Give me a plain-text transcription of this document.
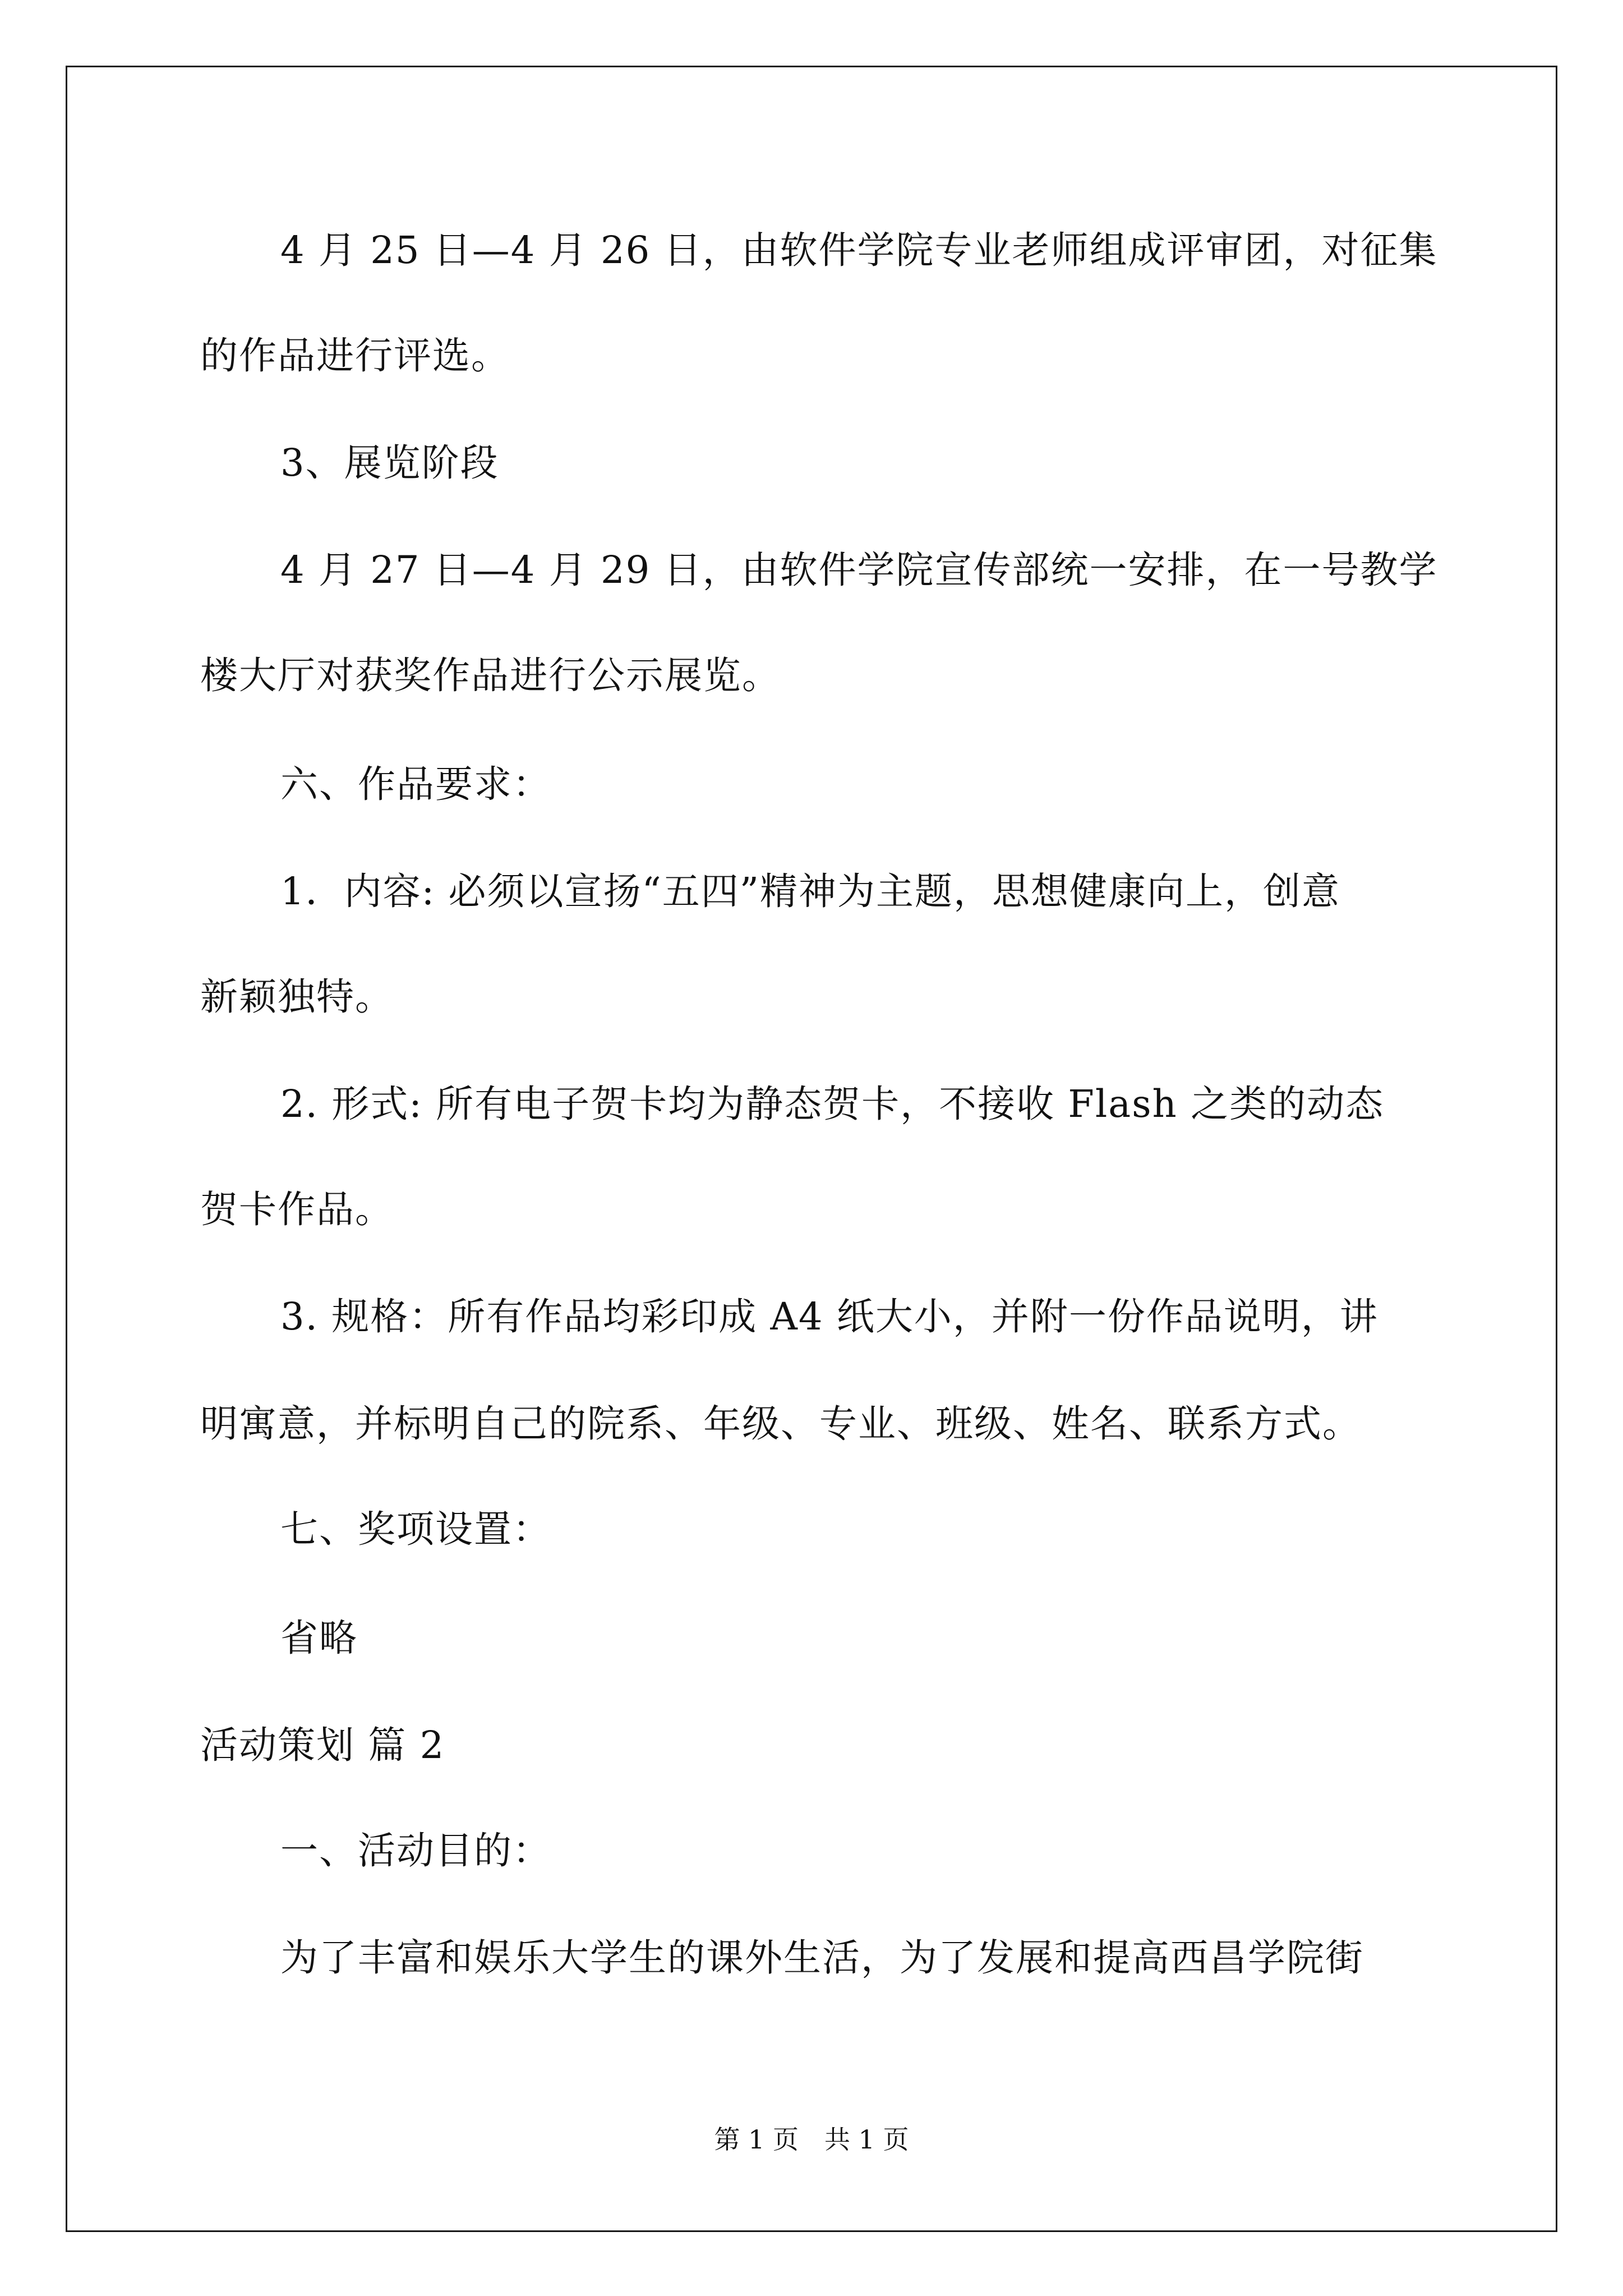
4 月 25 日—4 月 26 日，由软件学院专业老师组成评审团，对征集
的作品进行评选。
3、展览阶段
4 月 27 日—4 月 29 日，由软件学院宣传部统一安排，在一号教学
楼大厅对获奖作品进行公示展览。
六、作品要求：
1．内容: 必须以宣扬“五四”精神为主题，思想健康向上，创意
新颖独特。
2. 形式: 所有电子贺卡均为静态贺卡，不接收 Flash 之类的动态
贺卡作品。
3. 规格：所有作品均彩印成 A4 纸大小，并附一份作品说明，讲
明寓意，并标明自己的院系、年级、专业、班级、姓名、联系方式。
七、奖项设置：
省略
活动策划 篇 2
一、活动目的：
为了丰富和娱乐大学生的课外生活，为了发展和提高西昌学院街
第 1 页　共 1 页
